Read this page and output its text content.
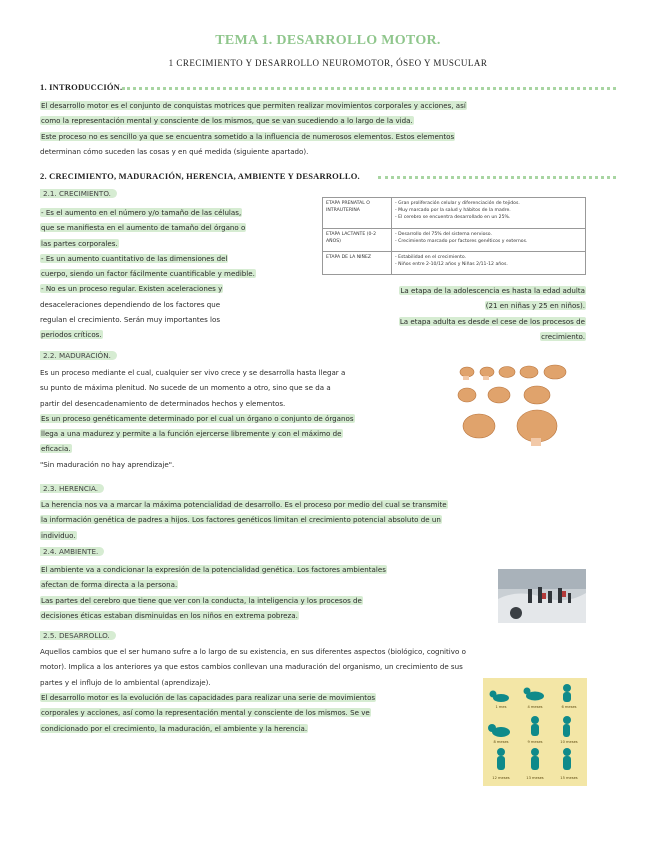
TEMA 1. DESARROLLO MOTOR.
1 CRECIMIENTO Y DESARROLLO NEUROMOTOR, ÓSEO Y MUSCULAR
1. INTRODUCCIÓN.
El desarrollo motor es el conjunto de conquistas motrices que permiten realizar movimientos corporales y acciones, así
como la representación mental y consciente de los mismos, que se van sucediendo a lo largo de la vida.
Este proceso no es sencillo ya que se encuentra sometido a la influencia de numerosos elementos. Estos elementos
determinan cómo suceden las cosas y en qué medida (siguiente apartado).
2. CRECIMIENTO, MADURACIÓN, HERENCIA, AMBIENTE Y DESARROLLO.
2.1. CRECIMIENTO.
- Es el aumento en el número y/o tamaño de las células,
que se manifiesta en el aumento de tamaño del órgano o
las partes corporales.
- Es un aumento cuantitativo de las dimensiones del
cuerpo, siendo un factor fácilmente cuantificable y medible.
- No es un proceso regular. Existen aceleraciones y
desaceleraciones dependiendo de los factores que
regulan el crecimiento. Serán muy importantes los
periodos críticos.
ETAPA PRENATAL O INTRAUTERINA	- Gran proliferación celular y diferenciación de tejidos.
- Muy marcado por la salud y hábitos de la madre.
- El cerebro se encuentra desarrollado en un 25%.

ETAPA LACTANTE (0-2 AÑOS)	- Desarrollo del 75% del sistema nervioso.
- Crecimiento marcado por factores genéticos y externos.

ETAPA DE LA NIÑEZ	- Estabilidad en el crecimiento.
- Niños entre 2-10/12 años y Niñas 2/11-12 años.
La etapa de la adolescencia es hasta la edad adulta
(21 en niñas y 25 en niños).
La etapa adulta es desde el cese de los procesos de
crecimiento.
2.2. MADURACIÓN.
Es un proceso mediante el cual, cualquier ser vivo crece y se desarrolla hasta llegar a
su punto de máxima plenitud. No sucede de un momento a otro, sino que se da a
partir del desencadenamiento de determinados hechos y elementos.
Es un proceso genéticamente determinado por el cual un órgano o conjunto de órganos
llega a una madurez y permite a la función ejercerse libremente y con el máximo de
eficacia.
"Sin maduración no hay aprendizaje".
2.3. HERENCIA.
La herencia nos va a marcar la máxima potencialidad de desarrollo. Es el proceso por medio del cual se transmite
la información genética de padres a hijos. Los factores genéticos limitan el crecimiento potencial absoluto de un
individuo.
2.4. AMBIENTE.
El ambiente va a condicionar la expresión de la potencialidad genética. Los factores ambientales
afectan de forma directa a la persona.
Las partes del cerebro que tiene que ver con la conducta, la inteligencia y los procesos de
decisiones éticas estaban disminuidas en los niños en extrema pobreza.
2.5. DESARROLLO.
Aquellos cambios que el ser humano sufre a lo largo de su existencia, en sus diferentes aspectos (biológico, cognitivo o
motor). Implica a los anteriores ya que estos cambios conllevan una maduración del organismo, un crecimiento de sus
partes y el influjo de lo ambiental (aprendizaje).
El desarrollo motor es la evolución de las capacidades para realizar una serie de movimientos
corporales y acciones, así como la representación mental y consciente de los mismos. Se ve
condicionado por el crecimiento, la maduración, el ambiente y la herencia.
1 mes	4 meses	6 meses
8 meses	9 meses	10 meses
12 meses	13 meses	15 meses
